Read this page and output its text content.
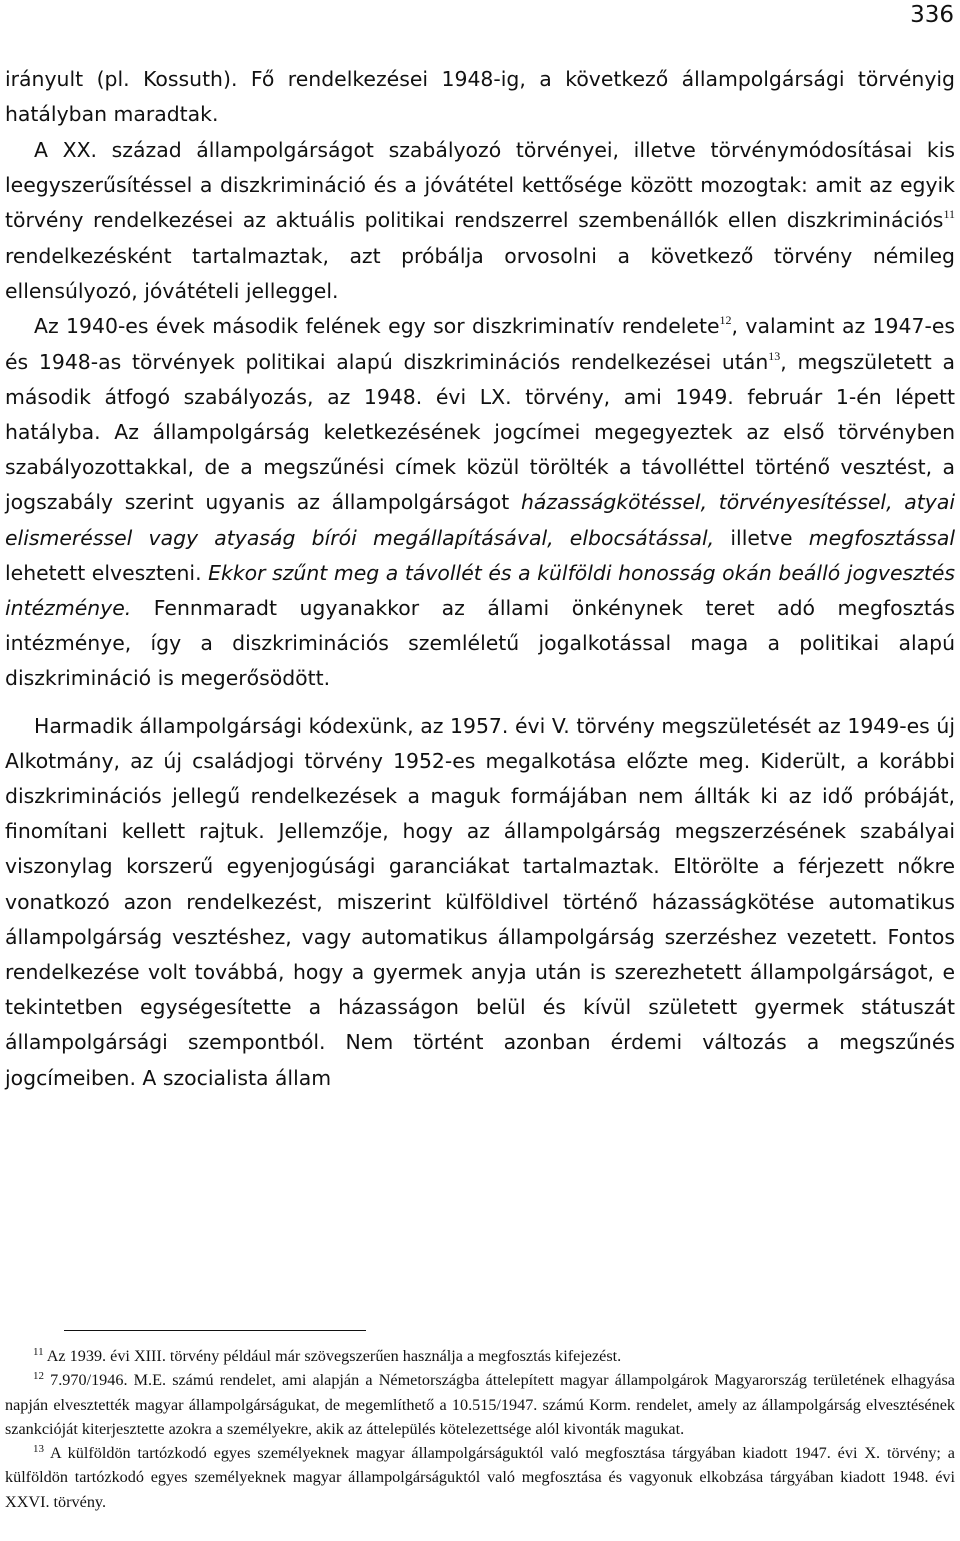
336

irányult (pl. Kossuth). Fő rendelkezései 1948-ig, a következő állampolgársági törvényig hatályban maradtak.

A XX. század állampolgárságot szabályozó törvényei, illetve törvénymódosításai kis leegyszerűsítéssel a diszkrimináció és a jóvátétel kettősége között mozogtak: amit az egyik törvény rendelkezései az aktuális politikai rendszerrel szembenállók ellen diszkriminációs$^{11}$ rendelkezésként tartalmaztak, azt próbálja orvosolni a következő törvény némileg ellensúlyozó, jóvátételi jelleggel.

Az 1940-es évek második felének egy sor diszkriminatív rendelete$^{12}$, valamint az 1947-es és 1948-as törvények politikai alapú diszkriminációs rendelkezései után$^{13}$, megszületett a második átfogó szabályozás, az 1948. évi LX. törvény, ami 1949. február 1-én lépett hatályba. Az állampolgárság keletkezésének jogcímei megegyeztek az első törvényben szabályozottakkal, de a megszűnési címek közül törölték a távolléttel történő vesztést, a jogszabály szerint ugyanis az állampolgárságot házasságkötéssel, törvényesítéssel, atyai elismeréssel vagy atyaság bírói megállapításával, elbocsátással, illetve megfosztással lehetett elveszteni. Ekkor szűnt meg a távollét és a külföldi honosság okán beálló jogvesztés intézménye. Fennmaradt ugyanakkor az állami önkénynek teret adó megfosztás intézménye, így a diszkriminációs szemléletű jogalkotással maga a politikai alapú diszkrimináció is megerősödött.

Harmadik állampolgársági kódexünk, az 1957. évi V. törvény megszületését az 1949-es új Alkotmány, az új családjogi törvény 1952-es megalkotása előzte meg. Kiderült, a korábbi diszkriminációs jellegű rendelkezések a maguk formájában nem állták ki az idő próbáját, finomítani kellett rajtuk. Jellemzője, hogy az állampolgárság megszerzésének szabályai viszonylag korszerű egyenjogúsági garanciákat tartalmaztak. Eltörölte a férjezett nőkre vonatkozó azon rendelkezést, miszerint külföldivel történő házasságkötése automatikus állampolgárság vesztéshez, vagy automatikus állampolgárság szerzéshez vezetett. Fontos rendelkezése volt továbbá, hogy a gyermek anyja után is szerezhetett állampolgárságot, e tekintetben egységesítette a házasságon belül és kívül született gyermek státuszát állampolgársági szempontból. Nem történt azonban érdemi változás a megszűnés jogcímeiben. A szocialista állam

$^{11}$ Az 1939. évi XIII. törvény például már szövegszerűen használja a megfosztás kifejezést.

$^{12}$ 7.970/1946. M.E. számú rendelet, ami alapján a Németországba áttelepített magyar állampolgárok Magyarország területének elhagyása napján elvesztették magyar állampolgárságukat, de megemlíthető a 10.515/1947. számú Korm. rendelet, amely az állampolgárság elvesztésének szankcióját kiterjesztette azokra a személyekre, akik az áttelepülés kötelezettsége alól kivonták magukat.

$^{13}$ A külföldön tartózkodó egyes személyeknek magyar állampolgárságuktól való megfosztása tárgyában kiadott 1947. évi X. törvény; a külföldön tartózkodó egyes személyeknek magyar állampolgárságuktól való megfosztása és vagyonuk elkobzása tárgyában kiadott 1948. évi XXVI. törvény.
